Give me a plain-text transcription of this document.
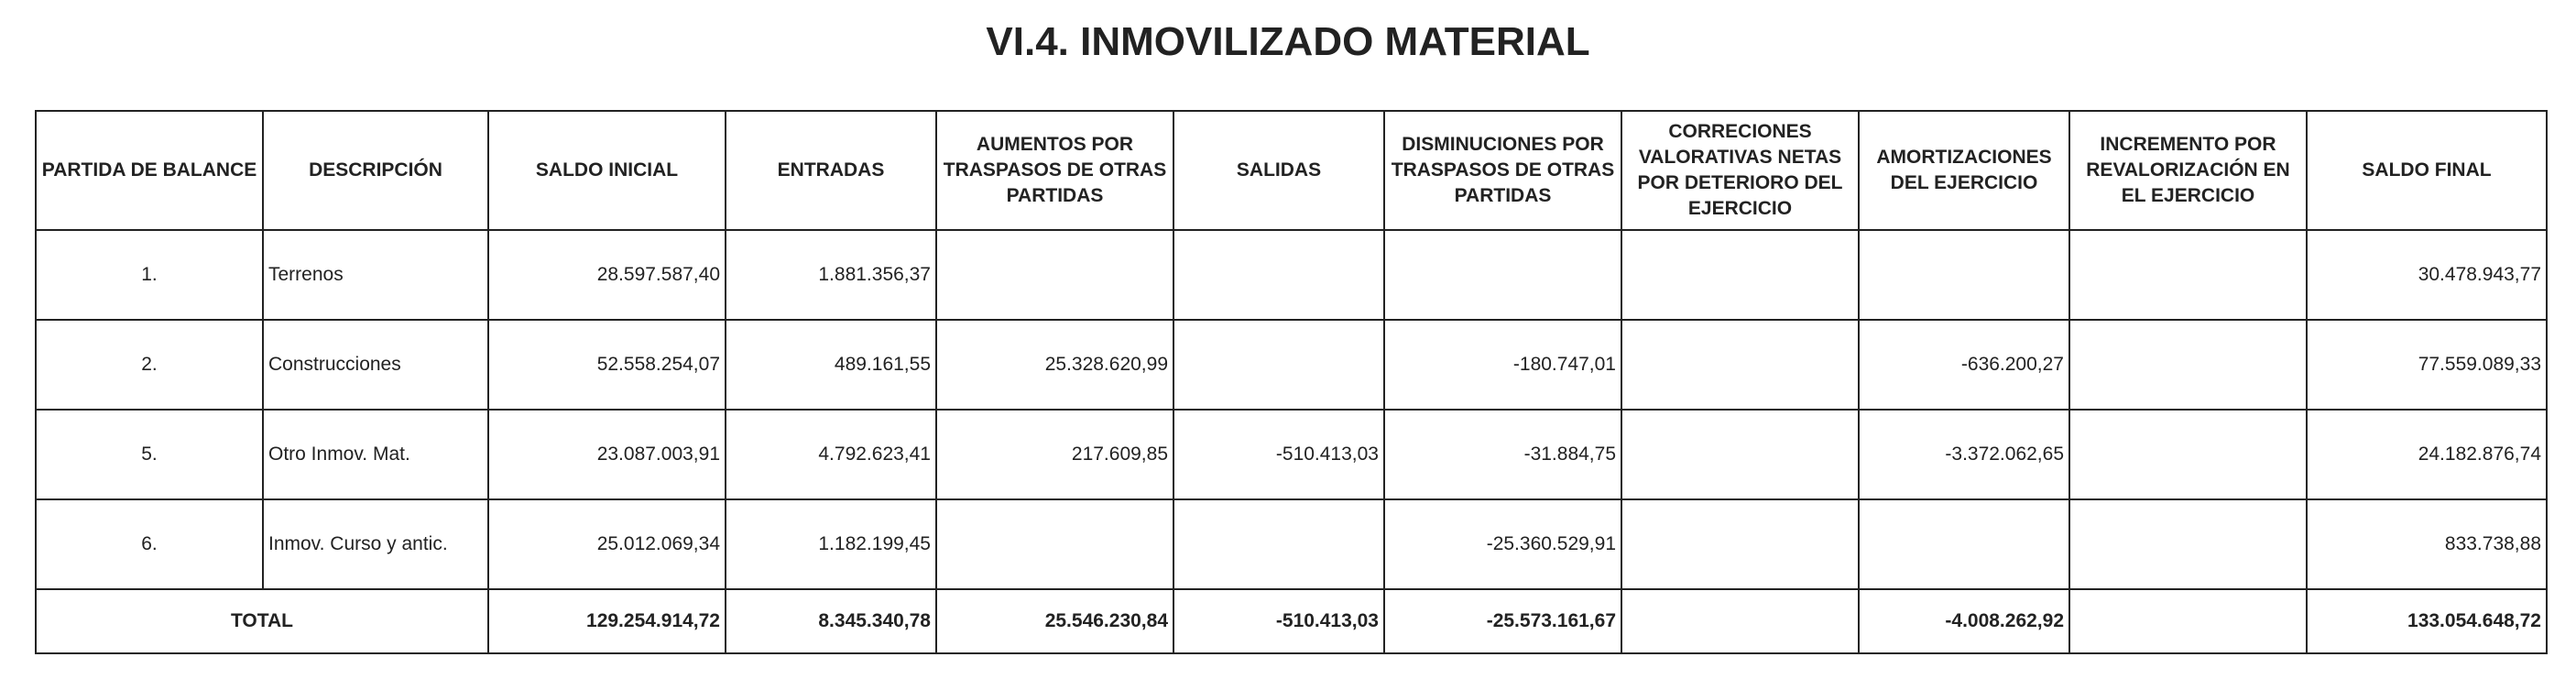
VI.4. INMOVILIZADO MATERIAL
PARTIDA DE BALANCE	DESCRIPCIÓN	SALDO INICIAL	ENTRADAS	AUMENTOS POR TRASPASOS DE OTRAS PARTIDAS	SALIDAS	DISMINUCIONES POR TRASPASOS DE OTRAS PARTIDAS	CORRECIONES VALORATIVAS NETAS POR DETERIORO DEL EJERCICIO	AMORTIZACIONES DEL EJERCICIO	INCREMENTO POR REVALORIZACIÓN EN EL EJERCICIO	SALDO FINAL
1.	Terrenos	28.597.587,40	1.881.356,37							30.478.943,77
2.	Construcciones	52.558.254,07	489.161,55	25.328.620,99		-180.747,01		-636.200,27		77.559.089,33
5.	Otro Inmov. Mat.	23.087.003,91	4.792.623,41	217.609,85	-510.413,03	-31.884,75		-3.372.062,65		24.182.876,74
6.	Inmov. Curso y antic.	25.012.069,34	1.182.199,45			-25.360.529,91				833.738,88
TOTAL		129.254.914,72	8.345.340,78	25.546.230,84	-510.413,03	-25.573.161,67		-4.008.262,92		133.054.648,72
